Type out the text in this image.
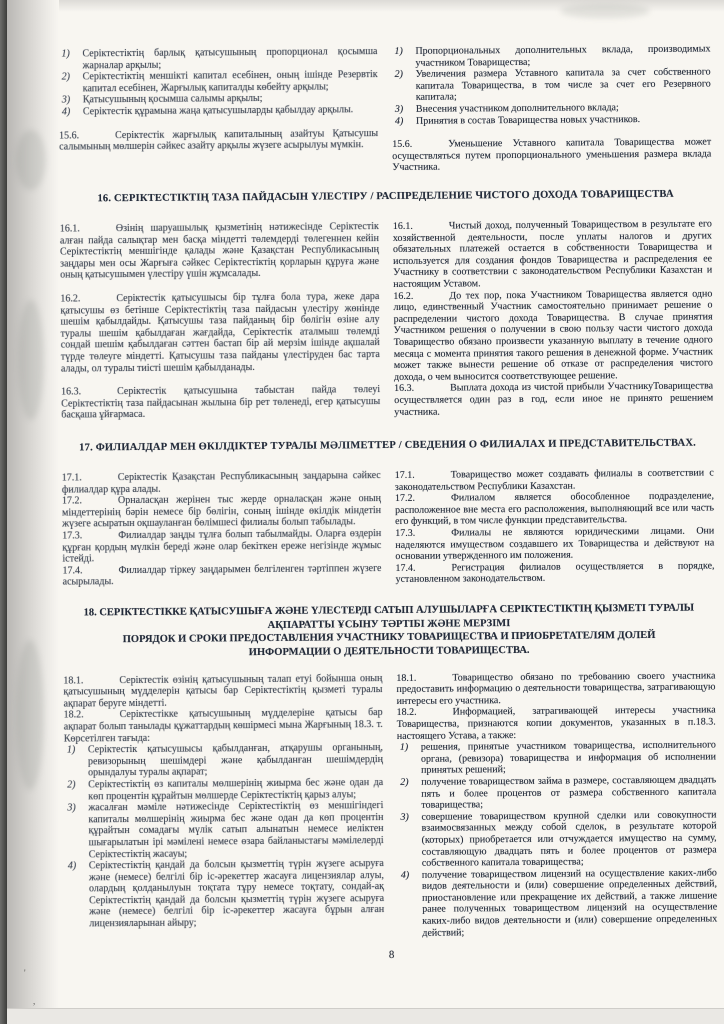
'
,
1) Серіктестіктің барлық қатысушының пропорционал қосымша жарналар арқылы;
2) Серіктестіктің меншікті капитал есебінен, оның ішінде Резервтік капитал есебінен, Жарғылық капиталды көбейту арқылы;
3) Қатысушының қосымша салымы арқылы;
4) Серіктестік құрамына жаңа қатысушыларды қабылдау арқылы.

15.6.	Серіктестік жарғылық капиталының азайтуы Қатысушы салымының мөлшерін сәйкес азайту арқылы жүзеге асырылуы мүмкін.

1) Пропорциональных дополнительных вклада, производимых участником Товарищества;
2) Увеличения размера Уставного капитала за счет собственного капитала Товарищества, в том числе за счет его Резервного капитала;
3) Внесения участником дополнительного вклада;
4) Принятия в состав Товарищества новых участников.

15.6.	Уменьшение Уставного капитала Товарищества может осуществляться путем пропорционального уменьшения размера вклада Участника.

16. СЕРІКТЕСТІКТІҢ ТАЗА ПАЙДАСЫН ҮЛЕСТІРУ / РАСПРЕДЕЛЕНИЕ ЧИСТОГО ДОХОДА ТОВАРИЩЕСТВА

16.1.	Өзінің шаруашылық қызметінің нәтижесінде Серіктестік алған пайда салықтар мен басқа міндетті төлемдерді төлегеннен кейін Серіктестіктің меншігінде қалады және Қазақстан Республикасының заңдары мен осы Жарғыға сәйкес Серіктестіктің қорларын құруға және оның қатысушымен үлестіру үшін жұмсалады.

16.2.	Серіктестік қатысушысы бір тұлға бола тура, жеке дара қатысушы өз бетінше Серіктестіктің таза пайдасын үлестіру жөнінде шешім қабылдайды. Қатысушы таза пайданың бір бөлігін өзіне алу туралы шешім қабылдаған жағдайда, Серіктестік аталмыш төлемді сондай шешім қабылдаған сәттен бастап бір ай мерзім ішінде ақшалай түрде төлеуге міндетті. Қатысушы таза пайданы үлестіруден бас тарта алады, ол туралы тиісті шешім қабылданады.

16.3.	Серіктестік қатысушына табыстан пайда төлеуі Серіктестіктің таза пайдасынан жылына бір рет төленеді, егер қатысушы басқаша ұйғармаса.

16.1.	Чистый доход, полученный Товариществом в результате его хозяйственной деятельности, после уплаты налогов и других обязательных платежей остается в собственности Товарищества и используется для создания фондов Товарищества и распределения ее Участнику в соответствии с законодательством Республики Казахстан и настоящим Уставом.

16.2.	До тех пор, пока Участником Товарищества является одно лицо, единственный Участник самостоятельно принимает решение о распределении чистого дохода Товарищества. В случае принятия Участником решения о получении в свою пользу части чистого дохода Товарищество обязано произвести указанную выплату в течение одного месяца с момента принятия такого решения в денежной форме. Участник может также вынести решение об отказе от распределения чистого дохода, о чем выносится соответствующее решение.

16.3.	Выплата дохода из чистой прибыли УчастникуТоварищества осуществляется один раз в год, если иное не принято решением участника.

17. ФИЛИАЛДАР МЕН ӨКІЛДІКТЕР ТУРАЛЫ МӘЛІМЕТТЕР / СВЕДЕНИЯ О ФИЛИАЛАХ И ПРЕДСТАВИТЕЛЬСТВАХ.

17.1.	Серіктестік Қазақстан Республикасының заңдарына сәйкес филиалдар құра алады.

17.2.	Орналасқан жерінен тыс жерде орналасқан және оның міндеттерінің бәрін немесе бір бөлігін, соның ішінде өкілдік міндетін жүзеге асыратын оқшауланған бөлімшесі филиалы болып табылады.

17.3.	Филиалдар заңды тұлға болып табылмайды. Оларға өздерін құрған қордың мүлкін береді және олар бекіткен ереже негізінде жұмыс істейді.

17.4.	Филиалдар тіркеу заңдарымен белгіленген тәртіппен жүзеге асырылады.

17.1.	Товарищество может создавать филиалы в соответствии с законодательством Республики Казахстан.

17.2.	Филиалом является обособленное подразделение, расположенное вне места его расположения, выполняющий все или часть его функций, в том числе функции представительства.

17.3.	Филиалы не являются юридическими лицами. Они наделяются имуществом создавшего их Товарищества и действуют на основании утвержденного им положения.

17.4.	Регистрация филиалов осуществляется в порядке, установленном законодательством.

18. СЕРІКТЕСТІККЕ ҚАТЫСУШЫҒА ЖӘНЕ ҮЛЕСТЕРДІ САТЫП АЛУШЫЛАРҒА СЕРІКТЕСТІКТІҢ ҚЫЗМЕТІ ТУРАЛЫ
АҚПАРАТТЫ ҰСЫНУ ТӘРТІБІ ЖӘНЕ МЕРЗІМІ
ПОРЯДОК И СРОКИ ПРЕДОСТАВЛЕНИЯ УЧАСТНИКУ ТОВАРИЩЕСТВА И ПРИОБРЕТАТЕЛЯМ ДОЛЕЙ
ИНФОРМАЦИИ О ДЕЯТЕЛЬНОСТИ ТОВАРИЩЕСТВА.

18.1.	Серіктестік өзінің қатысушының талап етуі бойынша оның қатысушының мүдделерін қатысы бар Серіктестіктің қызметі туралы ақпарат беруге міндетті.

18.2.	Серіктестікке қатысушының мүдделеріне қатысы бар ақпарат болып танылады құжаттардың көшірмесі мына Жарғының 18.3. т. Көрсетілген тағыда:

1) Серіктестік қатысушысы қабылданған, атқарушы органының, ревизорының шешімдері және қабылданған шешімдердің орындалуы туралы ақпарат;
2) Серіктестіктің өз капиталы мөлшерінің жиырма бес және одан да көп процентін құрайтын мөлшерде Серіктестіктің қарыз алуы;
3) жасалған мәміле нәтижесінде Серіктестіктің өз меншігіндегі капиталы мөлшерінің жиырма бес және одан да көп процентін құрайтын сомадағы мүлік сатып алынатын немесе иеліктен шығарылатын ірі мәмілені немесе өзара байланыстағы мәмілелерді Серіктестіктің жасауы;
4) Серіктестіктің қандай да болсын қызметтің түрін жүзеге асыруға және (немесе) белгілі бір іс-әрекеттер жасауға лицензиялар алуы, олардың қолданылуын тоқтата тұру немесе тоқтату, сондай-ақ Серіктестіктің қандай да болсын қызметтің түрін жүзеге асыруға және (немесе) белгілі бір іс-әрекеттер жасауға бұрын алған лицензияларынан айыру;

18.1.	Товарищество обязано по требованию своего участника предоставить информацию о деятельности товарищества, затрагивающую интересы его участника.

18.2.	Информацией, затрагивающей интересы участника Товарищества, признаются копии документов, указанных в п.18.3. настоящего Устава, а также:

1) решения, принятые участником товарищества, исполнительного органа, (ревизора) товарищества и информация об исполнении принятых решений;
2) получение товариществом займа в размере, составляющем двадцать пять и более процентов от размера собственного капитала товарищества;
3) совершение товариществом крупной сделки или совокупности взаимосвязанных между собой сделок, в результате которой (которых) приобретается или отчуждается имущество на сумму, составляющую двадцать пять и более процентов от размера собственного капитала товарищества;
4) получение товариществом лицензий на осуществление каких-либо видов деятельности и (или) совершение определенных действий, приостановление или прекращение их действий, а также лишение ранее полученных товариществом лицензий на осуществление каких-либо видов деятельности и (или) совершение определенных действий;
8
